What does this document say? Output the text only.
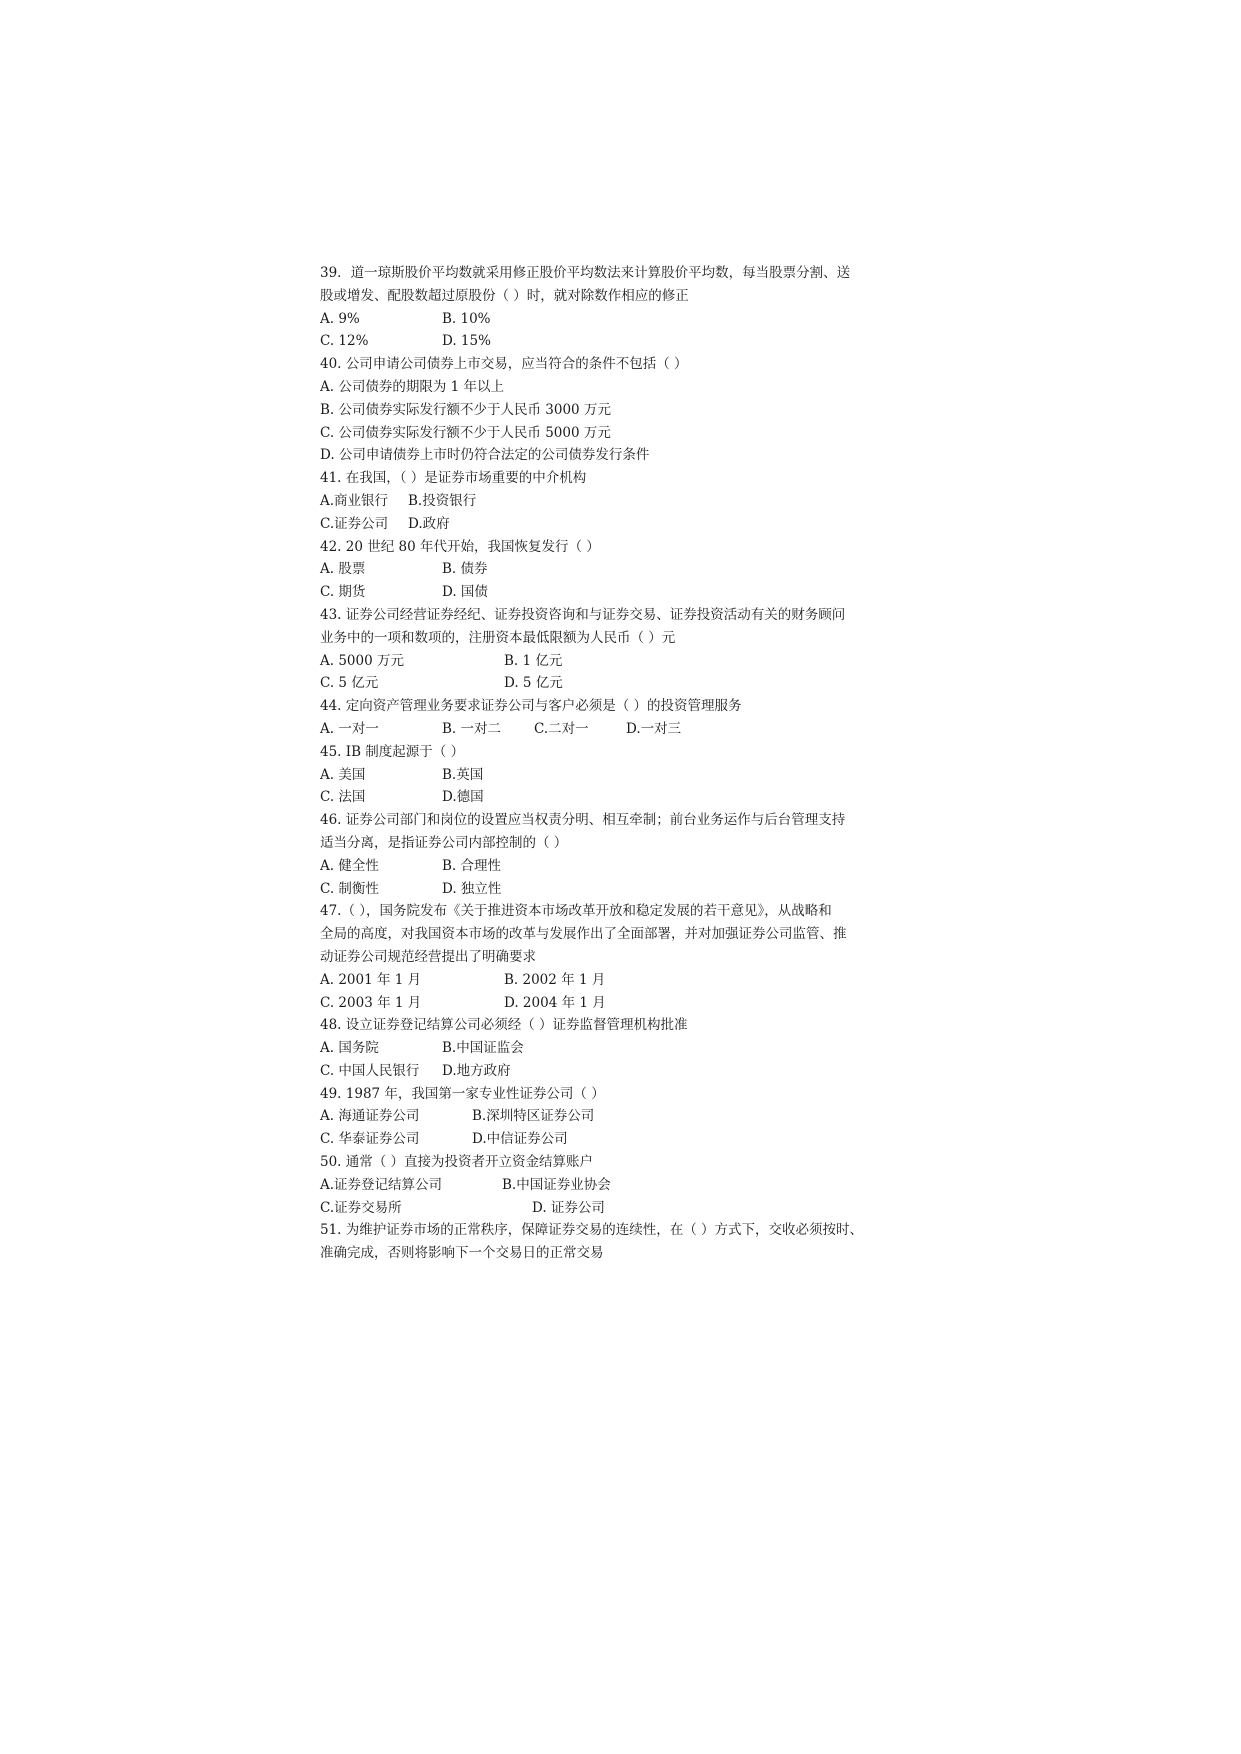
39．道一琼斯股价平均数就采用修正股价平均数法来计算股价平均数，每当股票分割、送
股或增发、配股数超过原股份（ ）时，就对除数作相应的修正
A. 9%	B. 10%
C. 12%	D. 15%
40. 公司申请公司债券上市交易，应当符合的条件不包括（ ）
A. 公司债券的期限为 1 年以上
B. 公司债券实际发行额不少于人民币 3000 万元
C. 公司债券实际发行额不少于人民币 5000 万元
D. 公司申请债券上市时仍符合法定的公司债券发行条件
41. 在我国，（ ）是证券市场重要的中介机构
A.商业银行	B.投资银行
C.证券公司	D.政府
42. 20 世纪 80 年代开始，我国恢复发行（ ）
A. 股票	B. 债券
C. 期货	D. 国债
43. 证券公司经营证券经纪、证券投资咨询和与证券交易、证券投资活动有关的财务顾问
业务中的一项和数项的，注册资本最低限额为人民币（ ）元
A. 5000 万元	B. 1 亿元
C. 5 亿元	D. 5 亿元
44. 定向资产管理业务要求证券公司与客户必须是（ ）的投资管理服务
A. 一对一	B. 一对二	C.二对一	D.一对三
45. IB 制度起源于（ ）
A. 美国	B.英国
C. 法国	D.德国
46. 证券公司部门和岗位的设置应当权责分明、相互牵制；前台业务运作与后台管理支持
适当分离，是指证券公司内部控制的（ ）
A. 健全性	B. 合理性
C. 制衡性	D. 独立性
47.（ ），国务院发布《关于推进资本市场改革开放和稳定发展的若干意见》，从战略和
全局的高度，对我国资本市场的改革与发展作出了全面部署，并对加强证券公司监管、推
动证券公司规范经营提出了明确要求
A. 2001 年 1 月	B. 2002 年 1 月
C. 2003 年 1 月	D. 2004 年 1 月
48. 设立证券登记结算公司必须经（ ）证券监督管理机构批准
A. 国务院	B.中国证监会
C. 中国人民银行	D.地方政府
49. 1987 年，我国第一家专业性证券公司（ ）
A. 海通证券公司	B.深圳特区证券公司
C. 华泰证券公司	D.中信证券公司
50. 通常（ ）直接为投资者开立资金结算账户
A.证券登记结算公司	B.中国证券业协会
C.证券交易所	D. 证券公司
51. 为维护证券市场的正常秩序，保障证券交易的连续性，在（ ）方式下，交收必须按时、
准确完成，否则将影响下一个交易日的正常交易
